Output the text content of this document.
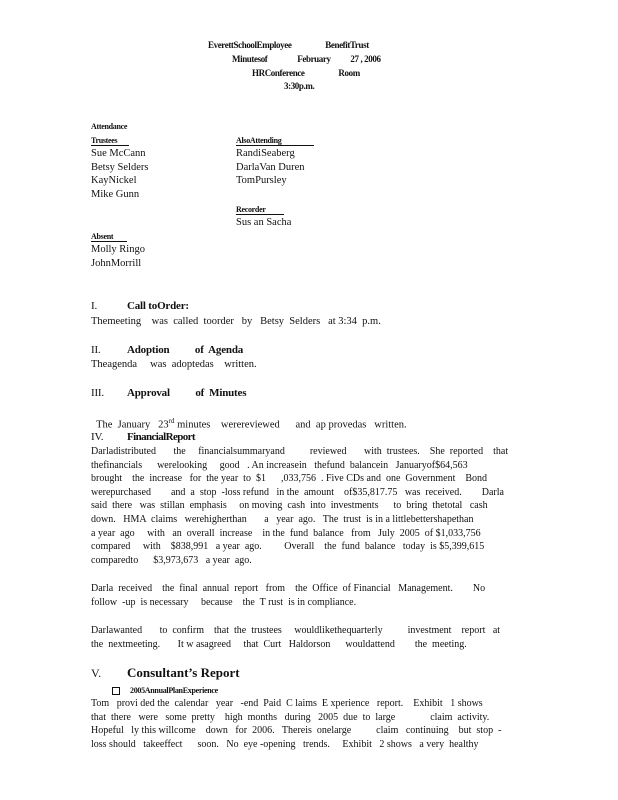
EverettSchoolEmployee	BenefitTrust
Minutesof	February 27 , 2006
HRConference	Room
3:30p.m.
Attendance
Trustees
Sue McCann
Betsy Selders
KayNickel
Mike Gunn
AlsoAttending
RandiSeaberg
DarlaVan Duren
TomPursley
Recorder
Sus an Sacha
Absent
Molly Ringo
JohnMorrill
I.	Call toOrder:
Themeeting    was  called  toorder   by   Betsy  Selders   at 3:34  p.m.
II. Adoption          of  Agenda
Theagenda     was  adoptedas    written.
III. Approval          of  Minutes

The  January   23rd minutes    werereviewed      and  ap provedas   written.

IV. FinancialReport
Darladistributed       the     financialsummaryand          reviewed       with  trustees.    She  reported    that
thefinancials      werelooking     good   . An increasein   thefund  balancein   Januaryof$64,563
brought    the  increase   for  the year  to  $1      ,033,756  . Five CDs and  one  Government    Bond
werepurchased        and  a  stop  -loss refund   in the  amount    of$35,817.75   was  received.        Darla
said  there   was  stillan  emphasis     on moving  cash  into  investments      to  bring  thetotal   cash
down.   HMA  claims   werehigherthan       a   year  ago.   The  trust  is in a littlebettershapethan
a year  ago     with   an  overall  increase    in the  fund  balance   from   July  2005  of $1,033,756
compared     with    $838,991   a year  ago.         Overall    the  fund  balance   today  is $5,399,615
comparedto      $3,973,673   a year  ago.
Darla  received    the  final  annual  report   from    the  Office  of Financial   Management.        No
follow  -up  is necessary     because    the  T rust  is in compliance.
Darlawanted       to  confirm    that  the  trustees     wouldlikethequarterly          investment    report   at
the  nextmeeting.       It w asagreed     that  Curt   Haldorson      wouldattend        the  meeting.
V. Consultant’s Report
2005AnnualPlanExperience
Tom   provi ded the  calendar   year   -end  Paid  C laims  E xperience   report.    Exhibit   1 shows
that  there   were   some  pretty    high  months   during   2005  due  to  large              claim  activity.
Hopeful   ly this willcome    down   for  2006.   Thereis  onelarge          claim   continuing    but  stop  -
loss should   takeeffect      soon.   No  eye -opening   trends.     Exhibit   2 shows   a very  healthy
